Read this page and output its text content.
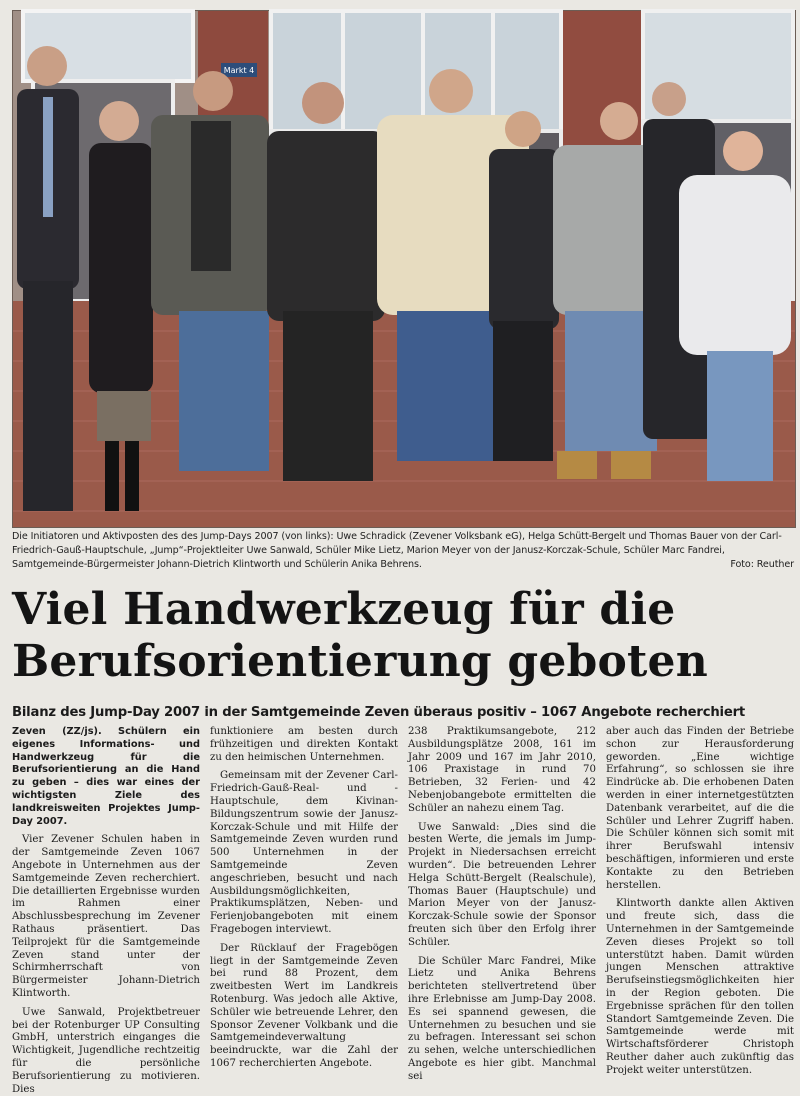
Markt 4
Die Initiatoren und Aktivposten des des Jump-Days 2007 (von links): Uwe Schradick (Zevener Volksbank eG), Helga Schütt-Bergelt und Thomas Bauer von der Carl-Friedrich-Gauß-Hauptschule, „Jump“-Projektleiter Uwe Sanwald, Schüler Mike Lietz, Marion Meyer von der Janusz-Korczak-Schule, Schüler Marc Fandrei, Samtgemeinde-Bürgermeister Johann-Dietrich Klintworth und Schülerin Anika Behrens.	Foto: Reuther
Viel Handwerkzeug für die
Berufsorientierung geboten
Bilanz des Jump-Day 2007 in der Samtgemeinde Zeven überaus positiv – 1067 Angebote recherchiert

Zeven (ZZ/js). Schülern ein eigenes Informations- und Handwerkzeug für die Berufsorientierung an die Hand zu geben – dies war eines der wichtigsten Ziele des landkreisweiten Projektes Jump-Day 2007.

Vier Zevener Schulen haben in der Samtgemeinde Zeven 1067 Angebote in Unternehmen aus der Samtgemeinde Zeven recherchiert. Die detaillierten Ergebnisse wurden im Rahmen einer Abschlussbesprechung im Zevener Rathaus präsentiert. Das Teilprojekt für die Samtgemeinde Zeven stand unter der Schirmherrschaft von Bürgermeister Johann-Dietrich Klintworth.

Uwe Sanwald, Projektbetreuer bei der Rotenburger UP Consulting GmbH, unterstrich einganges die Wichtigkeit, Jugendliche rechtzeitig für die persönliche Berufsorientierung zu motivieren. Dies

funktioniere am besten durch frühzeitigen und direkten Kontakt zu den heimischen Unternehmen.

Gemeinsam mit der Zevener Carl-Friedrich-Gauß-Real- und -Hauptschule, dem Kivinan-Bildungszentrum sowie der Janusz-Korczak-Schule und mit Hilfe der Samtgemeinde Zeven wurden rund 500 Unternehmen in der Samtgemeinde Zeven angeschrieben, besucht und nach Ausbildungsmöglichkeiten, Praktikumsplätzen, Neben- und Ferienjobangeboten mit einem Fragebogen interviewt.

Der Rücklauf der Fragebögen liegt in der Samtgemeinde Zeven bei rund 88 Prozent, dem zweitbesten Wert im Landkreis Rotenburg. Was jedoch alle Aktive, Schüler wie betreuende Lehrer, den Sponsor Zevener Volkbank und die Samtgemeindeverwaltung beeindruckte, war die Zahl der 1067 recherchierten Angebote.

238 Praktikumsangebote, 212 Ausbildungsplätze 2008, 161 im Jahr 2009 und 167 im Jahr 2010, 106 Praxistage in rund 70 Betrieben, 32 Ferien- und 42 Nebenjobangebote ermittelten die Schüler an nahezu einem Tag.

Uwe Sanwald: „Dies sind die besten Werte, die jemals im Jump-Projekt in Niedersachsen erreicht wurden“. Die betreuenden Lehrer Helga Schütt-Bergelt (Realschule), Thomas Bauer (Hauptschule) und Marion Meyer von der Janusz-Korczak-Schule sowie der Sponsor freuten sich über den Erfolg ihrer Schüler.

Die Schüler Marc Fandrei, Mike Lietz und Anika Behrens berichteten stellvertretend über ihre Erlebnisse am Jump-Day 2008. Es sei spannend gewesen, die Unternehmen zu besuchen und sie zu befragen. Interessant sei schon zu sehen, welche unterschiedlichen Angebote es hier gibt. Manchmal sei

aber auch das Finden der Betriebe schon zur Herausforderung geworden. „Eine wichtige Erfahrung“, so schlossen sie ihre Eindrücke ab. Die erhobenen Daten werden in einer internetgestützten Datenbank verarbeitet, auf die die Schüler und Lehrer Zugriff haben. Die Schüler können sich somit mit ihrer Berufswahl intensiv beschäftigen, informieren und erste Kontakte zu den Betrieben herstellen.

Klintworth dankte allen Aktiven und freute sich, dass die Unternehmen in der Samtgemeinde Zeven dieses Projekt so toll unterstützt haben. Damit würden jungen Menschen attraktive Berufseinstiegsmöglichkeiten hier in der Region geboten. Die Ergebnisse sprächen für den tollen Standort Samtgemeinde Zeven. Die Samtgemeinde werde mit Wirtschaftsförderer Christoph Reuther daher auch zukünftig das Projekt weiter unterstützen.
